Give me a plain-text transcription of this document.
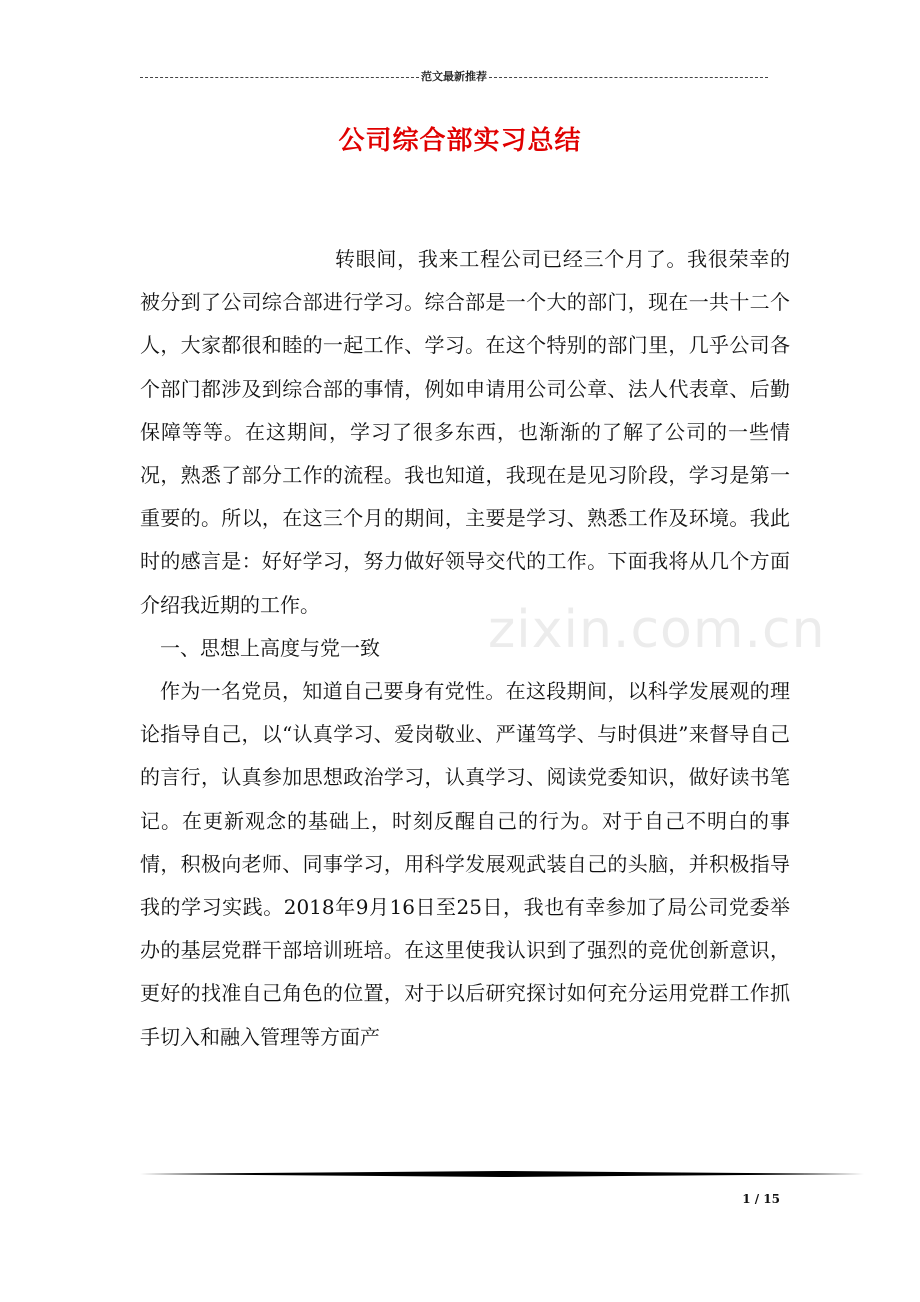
范文最新推荐
公司综合部实习总结

转眼间，我来工程公司已经三个月了。我很荣幸的被分到了公司综合部进行学习。综合部是一个大的部门，现在一共十二个人，大家都很和睦的一起工作、学习。在这个特别的部门里，几乎公司各个部门都涉及到综合部的事情，例如申请用公司公章、法人代表章、后勤保障等等。在这期间，学习了很多东西，也渐渐的了解了公司的一些情况，熟悉了部分工作的流程。我也知道，我现在是见习阶段，学习是第一重要的。所以，在这三个月的期间，主要是学习、熟悉工作及环境。我此时的感言是：好好学习，努力做好领导交代的工作。下面我将从几个方面介绍我近期的工作。

一、思想上高度与党一致

作为一名党员，知道自己要身有党性。在这段期间，以科学发展观的理论指导自己，以“认真学习、爱岗敬业、严谨笃学、与时俱进”来督导自己的言行，认真参加思想政治学习，认真学习、阅读党委知识，做好读书笔记。在更新观念的基础上，时刻反醒自己的行为。对于自己不明白的事情，积极向老师、同事学习，用科学发展观武装自己的头脑，并积极指导我的学习实践。2018年9月16日至25日，我也有幸参加了局公司党委举办的基层党群干部培训班培。在这里使我认识到了强烈的竞优创新意识，更好的找准自己角色的位置，对于以后研究探讨如何充分运用党群工作抓手切入和融入管理等方面产

zixin.com.cn
1 / 15
